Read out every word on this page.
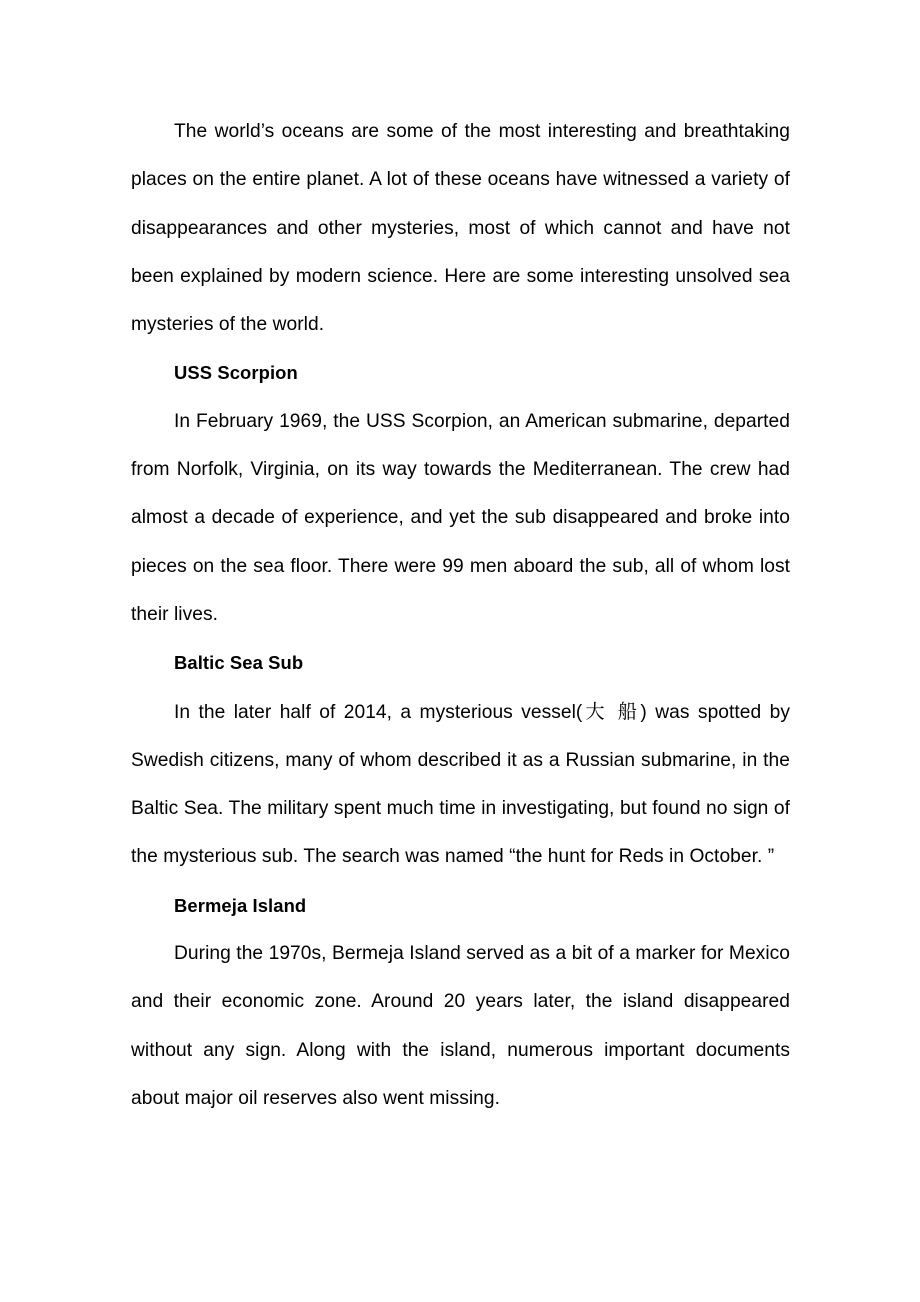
The world’s oceans are some of the most interesting and breathtaking places on the entire planet. A lot of these oceans have witnessed a variety of disappearances and other mysteries, most of which cannot and have not been explained by modern science. Here are some interesting unsolved sea mysteries of the world.

USS Scorpion

In February 1969, the USS Scorpion, an American submarine, departed from Norfolk, Virginia, on its way towards the Mediterranean. The crew had almost a decade of experience, and yet the sub disappeared and broke into pieces on the sea floor. There were 99 men aboard the sub, all of whom lost their lives.

Baltic Sea Sub

In the later half of 2014, a mysterious vessel(大 船) was spotted by Swedish citizens, many of whom described it as a Russian submarine, in the Baltic Sea. The military spent much time in investigating, but found no sign of the mysterious sub. The search was named “the hunt for Reds in October. ”

Bermeja Island

During the 1970s, Bermeja Island served as a bit of a marker for Mexico and their economic zone. Around 20 years later, the island disappeared without any sign. Along with the island, numerous important documents about major oil reserves also went missing.
